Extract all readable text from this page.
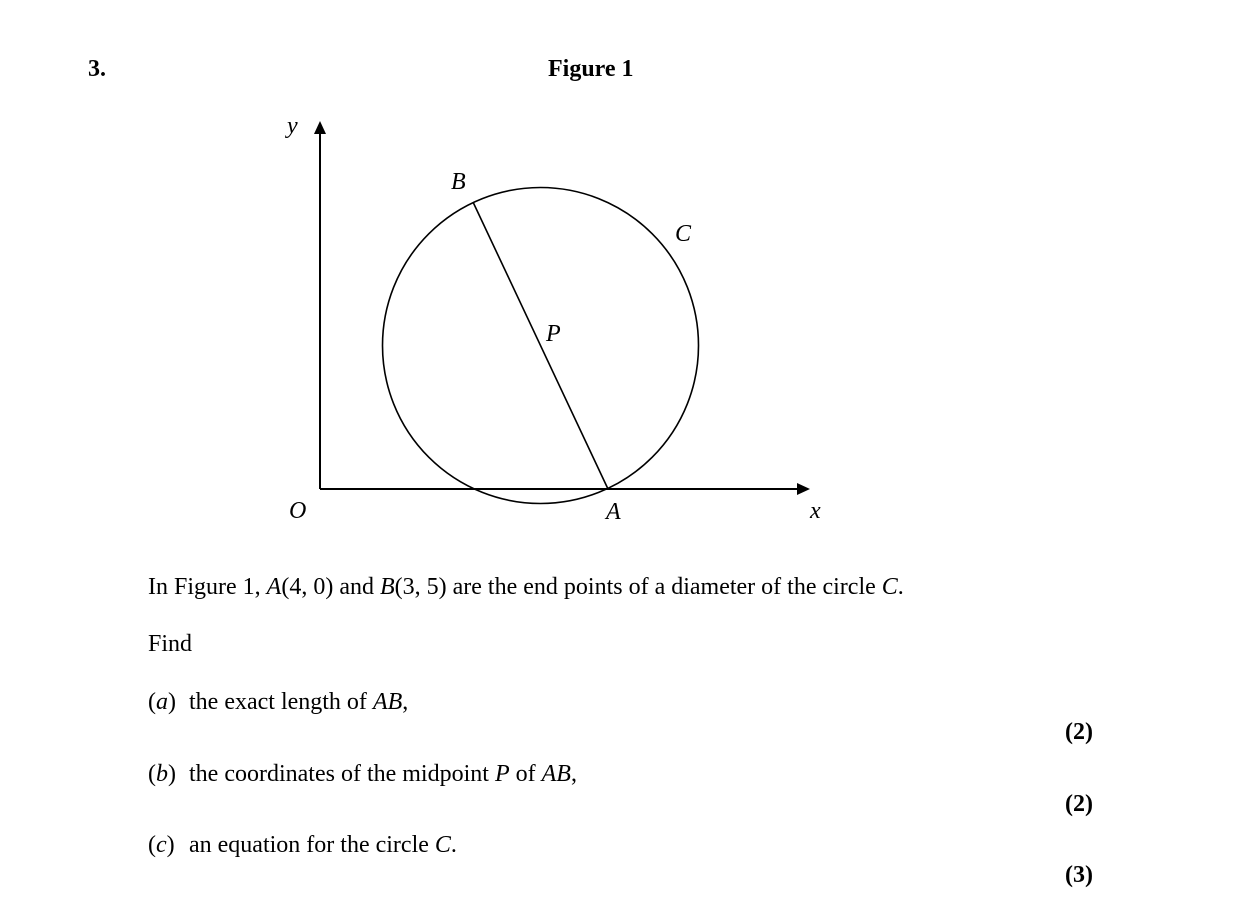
3.	Figure 1
y
x
O	A
B
P
C
In Figure 1, A(4, 0) and B(3, 5) are the end points of a diameter of the circle C.
Find
(a) the exact length of AB,
(2)
(b) the coordinates of the midpoint P of AB,
(2)
(c) an equation for the circle C.
(3)
